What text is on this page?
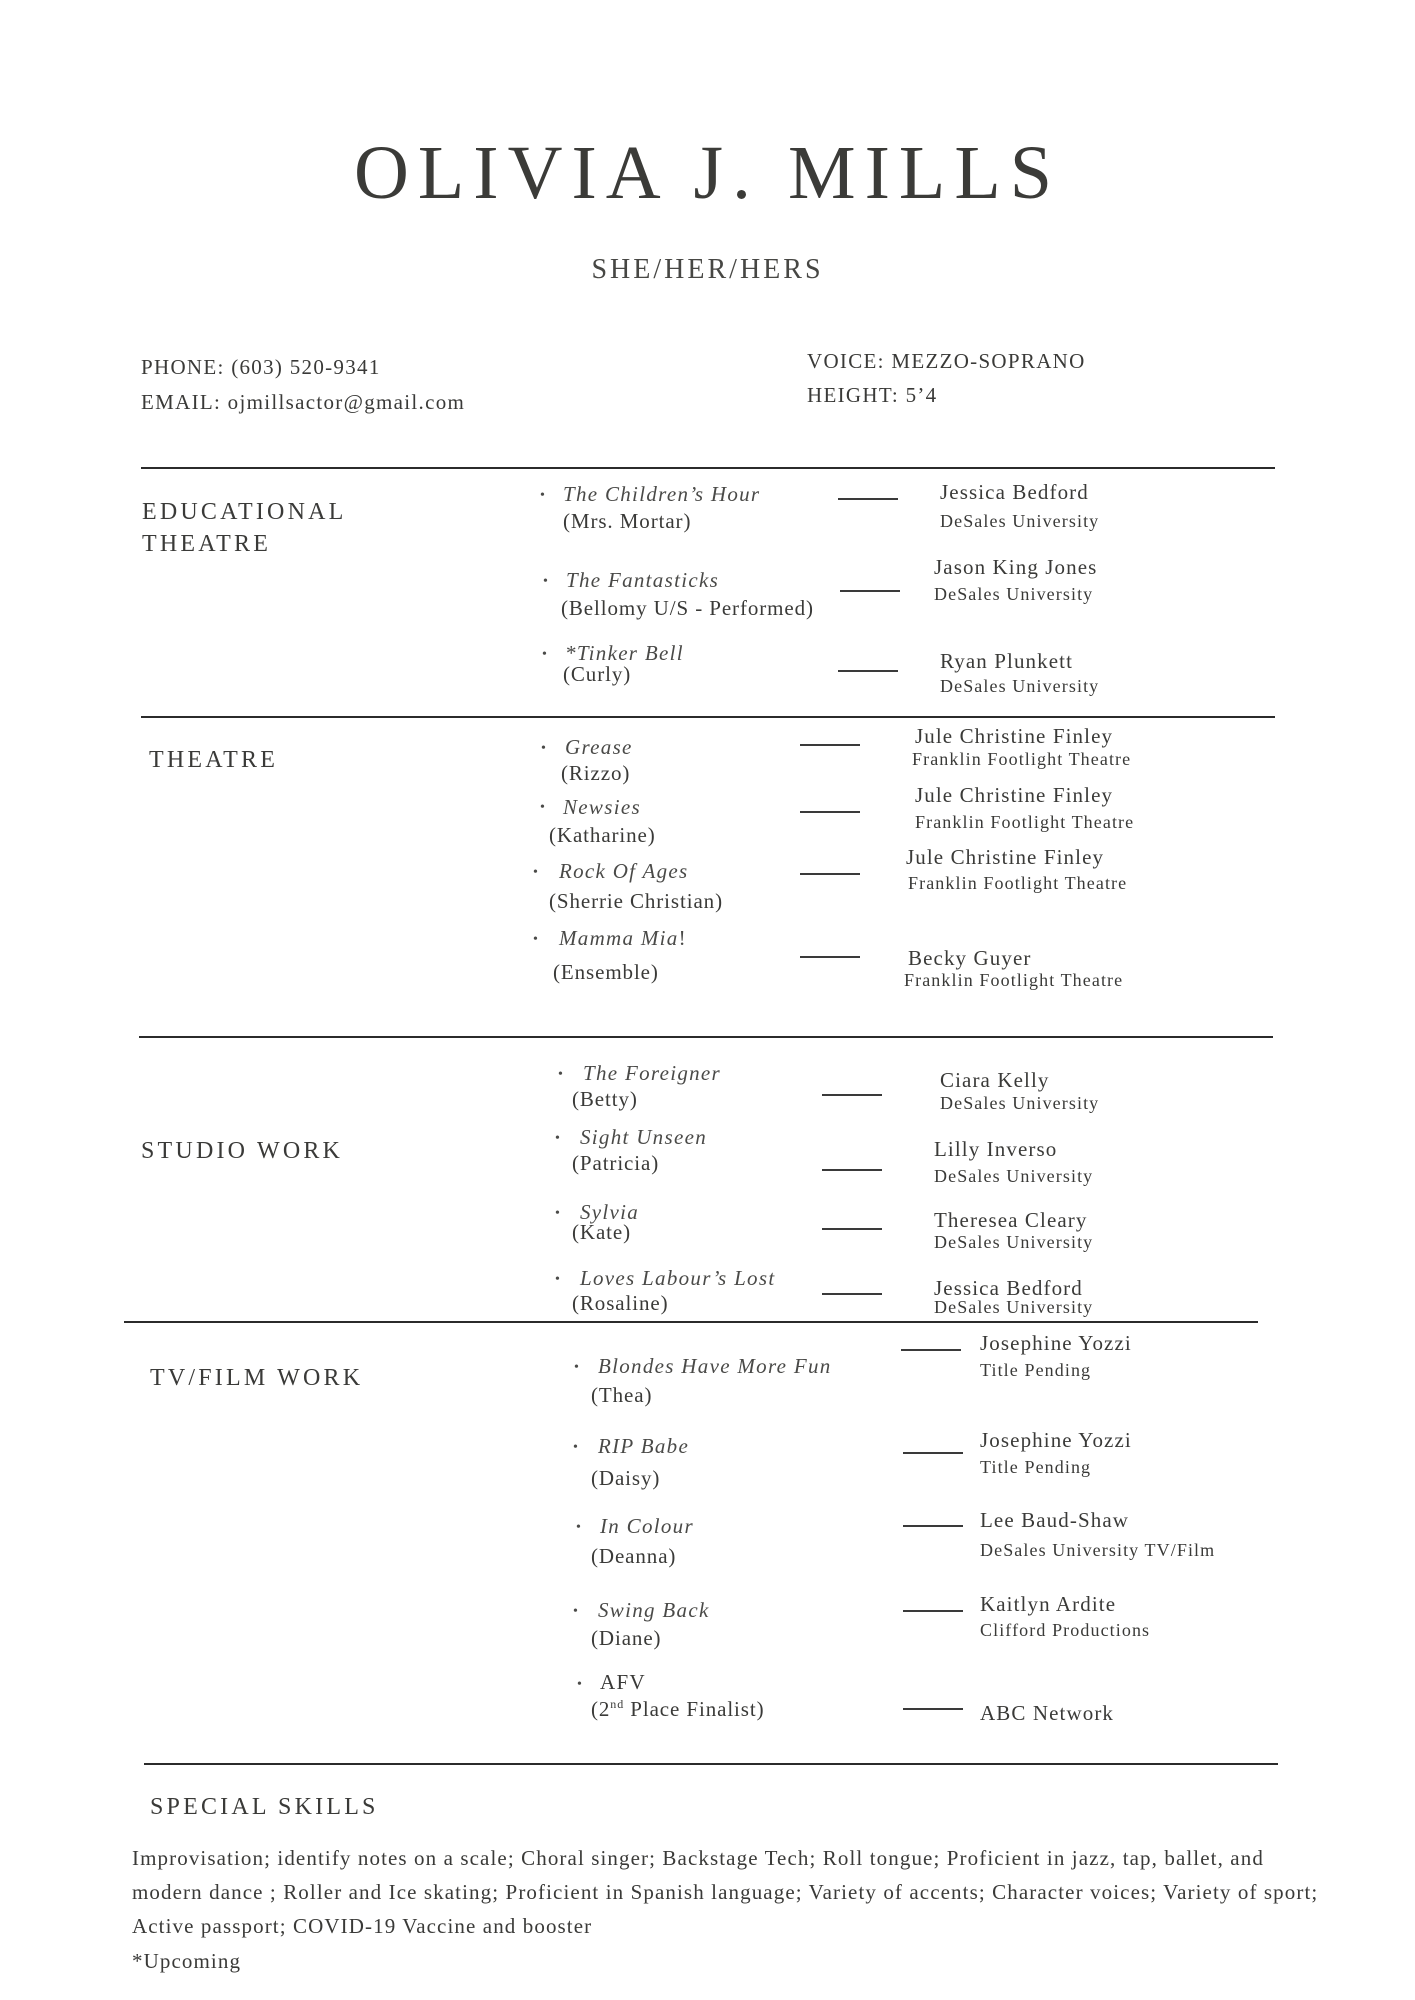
OLIVIA J. MILLS
SHE/HER/HERS
PHONE: (603) 520-9341
EMAIL: ojmillsactor@gmail.com
VOICE: MEZZO-SOPRANO
HEIGHT: 5’4
EDUCATIONAL
THEATRE
• The Children’s Hour
(Mrs. Mortar)
Jessica Bedford
DeSales University
• The Fantasticks
(Bellomy U/S - Performed)
Jason King Jones
DeSales University
• *Tinker Bell
(Curly)
Ryan Plunkett
DeSales University
THEATRE	• Grease
(Rizzo)
Jule Christine Finley
Franklin Footlight Theatre
• Newsies
(Katharine)
Jule Christine Finley
Franklin Footlight Theatre
• Rock Of Ages
(Sherrie Christian)
Jule Christine Finley
Franklin Footlight Theatre
• Mamma Mia!
(Ensemble)
Becky Guyer
Franklin Footlight Theatre
STUDIO WORK
• The Foreigner
(Betty)
Ciara Kelly
DeSales University
• Sight Unseen
(Patricia)
Lilly Inverso
DeSales University
• Sylvia
(Kate)	Theresea Cleary
DeSales University
• Loves Labour’s Lost
(Rosaline)
Jessica Bedford
DeSales University
TV/FILM WORK	• Blondes Have More Fun
(Thea)
Josephine Yozzi
Title Pending
• RIP Babe
(Daisy)
Josephine Yozzi
Title Pending
• In Colour
(Deanna)
Lee Baud-Shaw
DeSales University TV/Film
• Swing Back
(Diane)
Kaitlyn Ardite
Clifford Productions
• AFV
(2nd Place Finalist)	ABC Network
SPECIAL SKILLS
Improvisation; identify notes on a scale; Choral singer; Backstage Tech; Roll tongue; Proficient in jazz, tap, ballet, and modern dance ; Roller and Ice skating; Proficient in Spanish language; Variety of accents; Character voices; Variety of sport; Active passport; COVID-19 Vaccine and booster
*Upcoming
